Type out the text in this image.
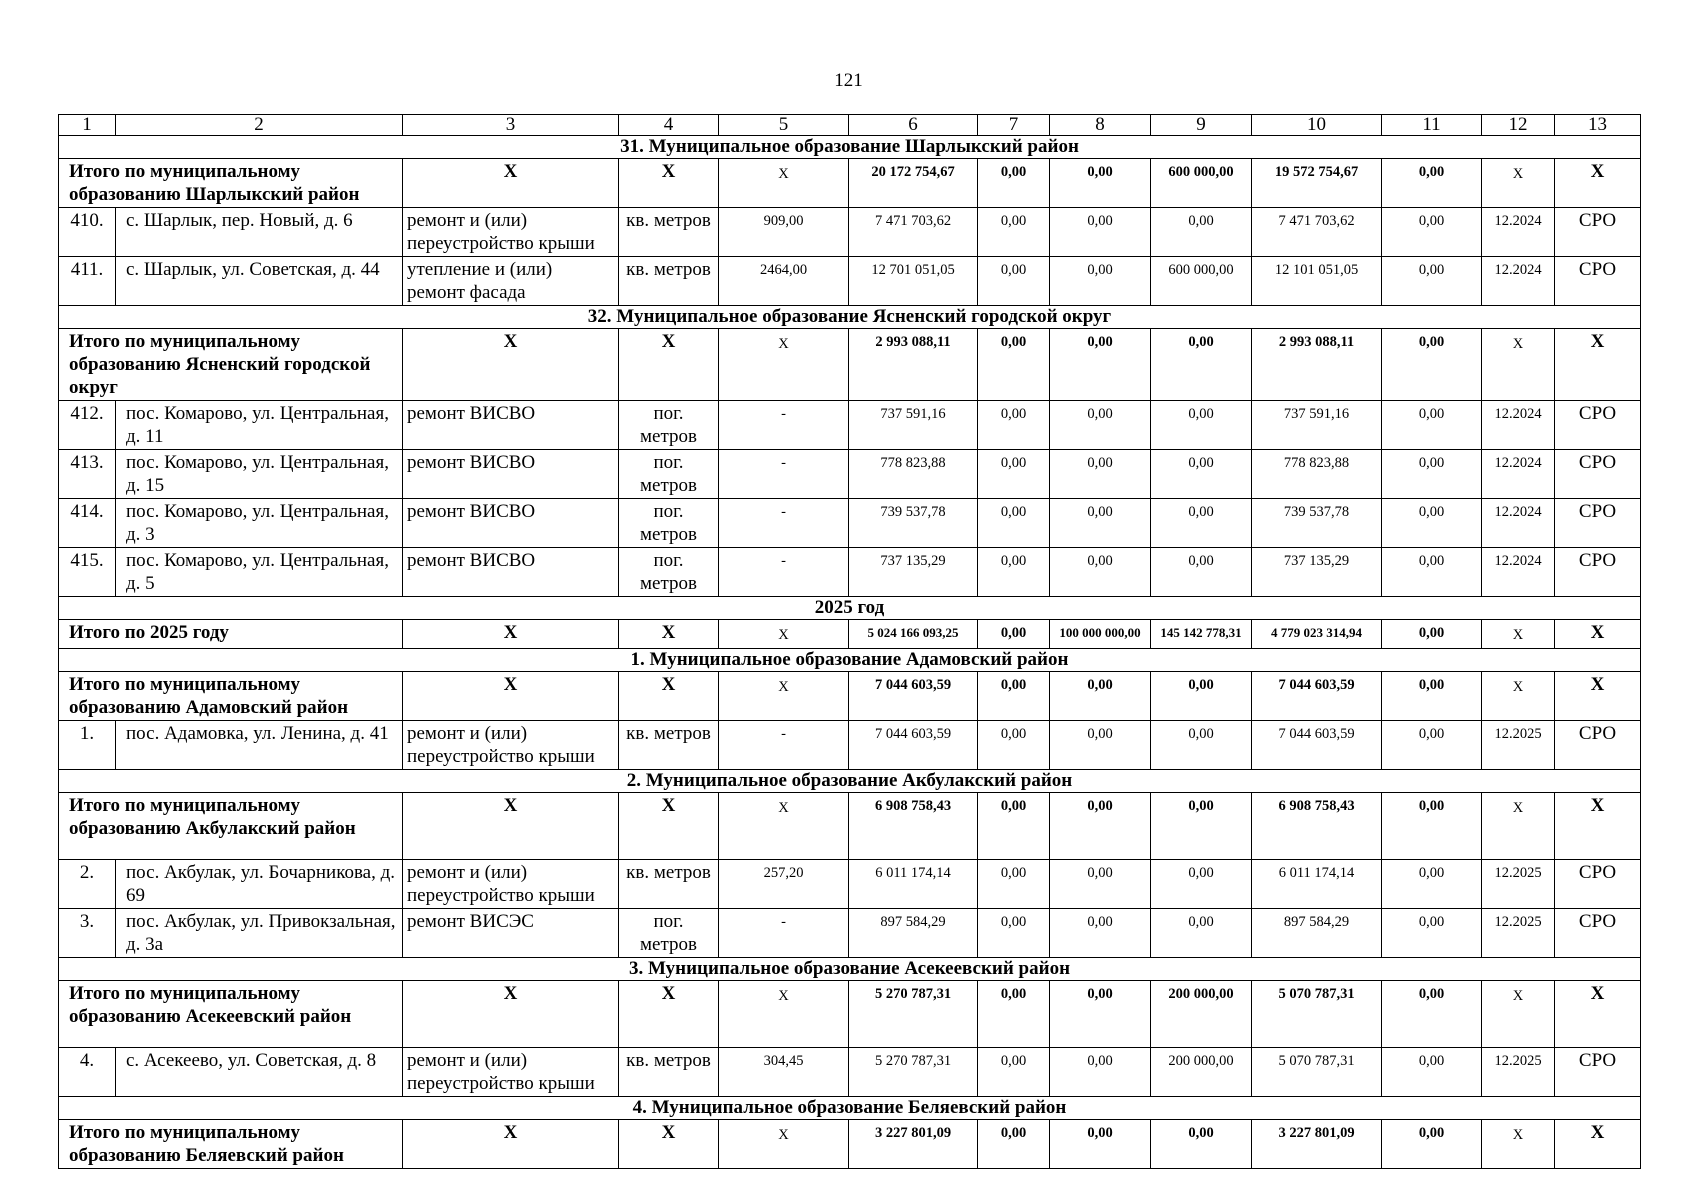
121
1	2	3	4	5	6	7	8	9	10	11	12	13
31. Муниципальное образование Шарлыкский район												
Итого по муниципальному образованию Шарлыкский район		X	X	X	20 172 754,67	0,00	0,00	600 000,00	19 572 754,67	0,00	X	X
410.	с. Шарлык, пер. Новый, д. 6	ремонт и (или) переустройство крыши	кв. метров	909,00	7 471 703,62	0,00	0,00	0,00	7 471 703,62	0,00	12.2024	СРО
411.	с. Шарлык, ул. Советская, д. 44	утепление и (или) ремонт фасада	кв. метров	2464,00	12 701 051,05	0,00	0,00	600 000,00	12 101 051,05	0,00	12.2024	СРО
32. Муниципальное образование Ясненский городской округ												
Итого по муниципальному образованию Ясненский городской округ		X	X	X	2 993 088,11	0,00	0,00	0,00	2 993 088,11	0,00	X	X
412.	пос. Комарово, ул. Центральная, д. 11	ремонт ВИСВО	пог. метров	-	737 591,16	0,00	0,00	0,00	737 591,16	0,00	12.2024	СРО
413.	пос. Комарово, ул. Центральная, д. 15	ремонт ВИСВО	пог. метров	-	778 823,88	0,00	0,00	0,00	778 823,88	0,00	12.2024	СРО
414.	пос. Комарово, ул. Центральная, д. 3	ремонт ВИСВО	пог. метров	-	739 537,78	0,00	0,00	0,00	739 537,78	0,00	12.2024	СРО
415.	пос. Комарово, ул. Центральная, д. 5	ремонт ВИСВО	пог. метров	-	737 135,29	0,00	0,00	0,00	737 135,29	0,00	12.2024	СРО
2025 год												
Итого по 2025 году		X	X	X	5 024 166 093,25	0,00	100 000 000,00	145 142 778,31	4 779 023 314,94	0,00	X	X
1. Муниципальное образование Адамовский район												
Итого по муниципальному образованию Адамовский район		X	X	X	7 044 603,59	0,00	0,00	0,00	7 044 603,59	0,00	X	X
1.	пос. Адамовка, ул. Ленина, д. 41	ремонт и (или) переустройство крыши	кв. метров	-	7 044 603,59	0,00	0,00	0,00	7 044 603,59	0,00	12.2025	СРО
2. Муниципальное образование Акбулакский район												
Итого по муниципальному образованию Акбулакский район		X	X	X	6 908 758,43	0,00	0,00	0,00	6 908 758,43	0,00	X	X
2.	пос. Акбулак, ул. Бочарникова, д. 69	ремонт и (или) переустройство крыши	кв. метров	257,20	6 011 174,14	0,00	0,00	0,00	6 011 174,14	0,00	12.2025	СРО
3.	пос. Акбулак, ул. Привокзальная, д. 3а	ремонт ВИСЭС	пог. метров	-	897 584,29	0,00	0,00	0,00	897 584,29	0,00	12.2025	СРО
3. Муниципальное образование Асекеевский район												
Итого по муниципальному образованию Асекеевский район		X	X	X	5 270 787,31	0,00	0,00	200 000,00	5 070 787,31	0,00	X	X
4.	с. Асекеево, ул. Советская, д. 8	ремонт и (или) переустройство крыши	кв. метров	304,45	5 270 787,31	0,00	0,00	200 000,00	5 070 787,31	0,00	12.2025	СРО
4. Муниципальное образование Беляевский район												
Итого по муниципальному образованию Беляевский район		X	X	X	3 227 801,09	0,00	0,00	0,00	3 227 801,09	0,00	X	X
